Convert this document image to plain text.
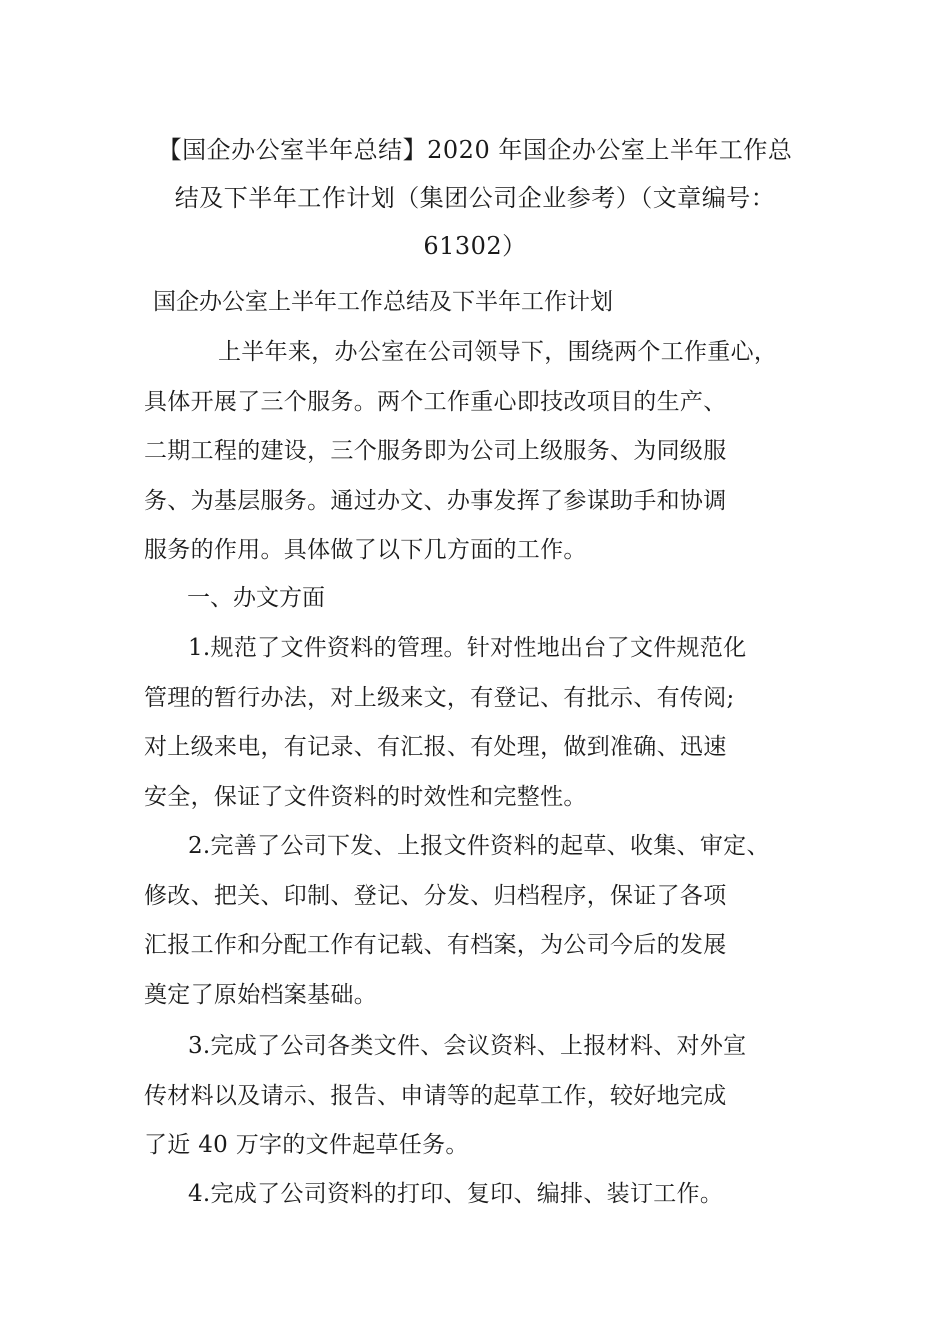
【国企办公室半年总结】2020 年国企办公室上半年工作总
结及下半年工作计划（集团公司企业参考）（文章编号：
61302）
国企办公室上半年工作总结及下半年工作计划

上半年来，办公室在公司领导下，围绕两个工作重心，
具体开展了三个服务。两个工作重心即技改项目的生产、
二期工程的建设，三个服务即为公司上级服务、为同级服
务、为基层服务。通过办文、办事发挥了参谋助手和协调
服务的作用。具体做了以下几方面的工作。

一、办文方面

1.规范了文件资料的管理。针对性地出台了文件规范化
管理的暂行办法，对上级来文，有登记、有批示、有传阅;
对上级来电，有记录、有汇报、有处理，做到准确、迅速
安全，保证了文件资料的时效性和完整性。

2.完善了公司下发、上报文件资料的起草、收集、审定、
修改、把关、印制、登记、分发、归档程序，保证了各项
汇报工作和分配工作有记载、有档案，为公司今后的发展
奠定了原始档案基础。

3.完成了公司各类文件、会议资料、上报材料、对外宣
传材料以及请示、报告、申请等的起草工作，较好地完成
了近 40 万字的文件起草任务。

4.完成了公司资料的打印、复印、编排、装订工作。
